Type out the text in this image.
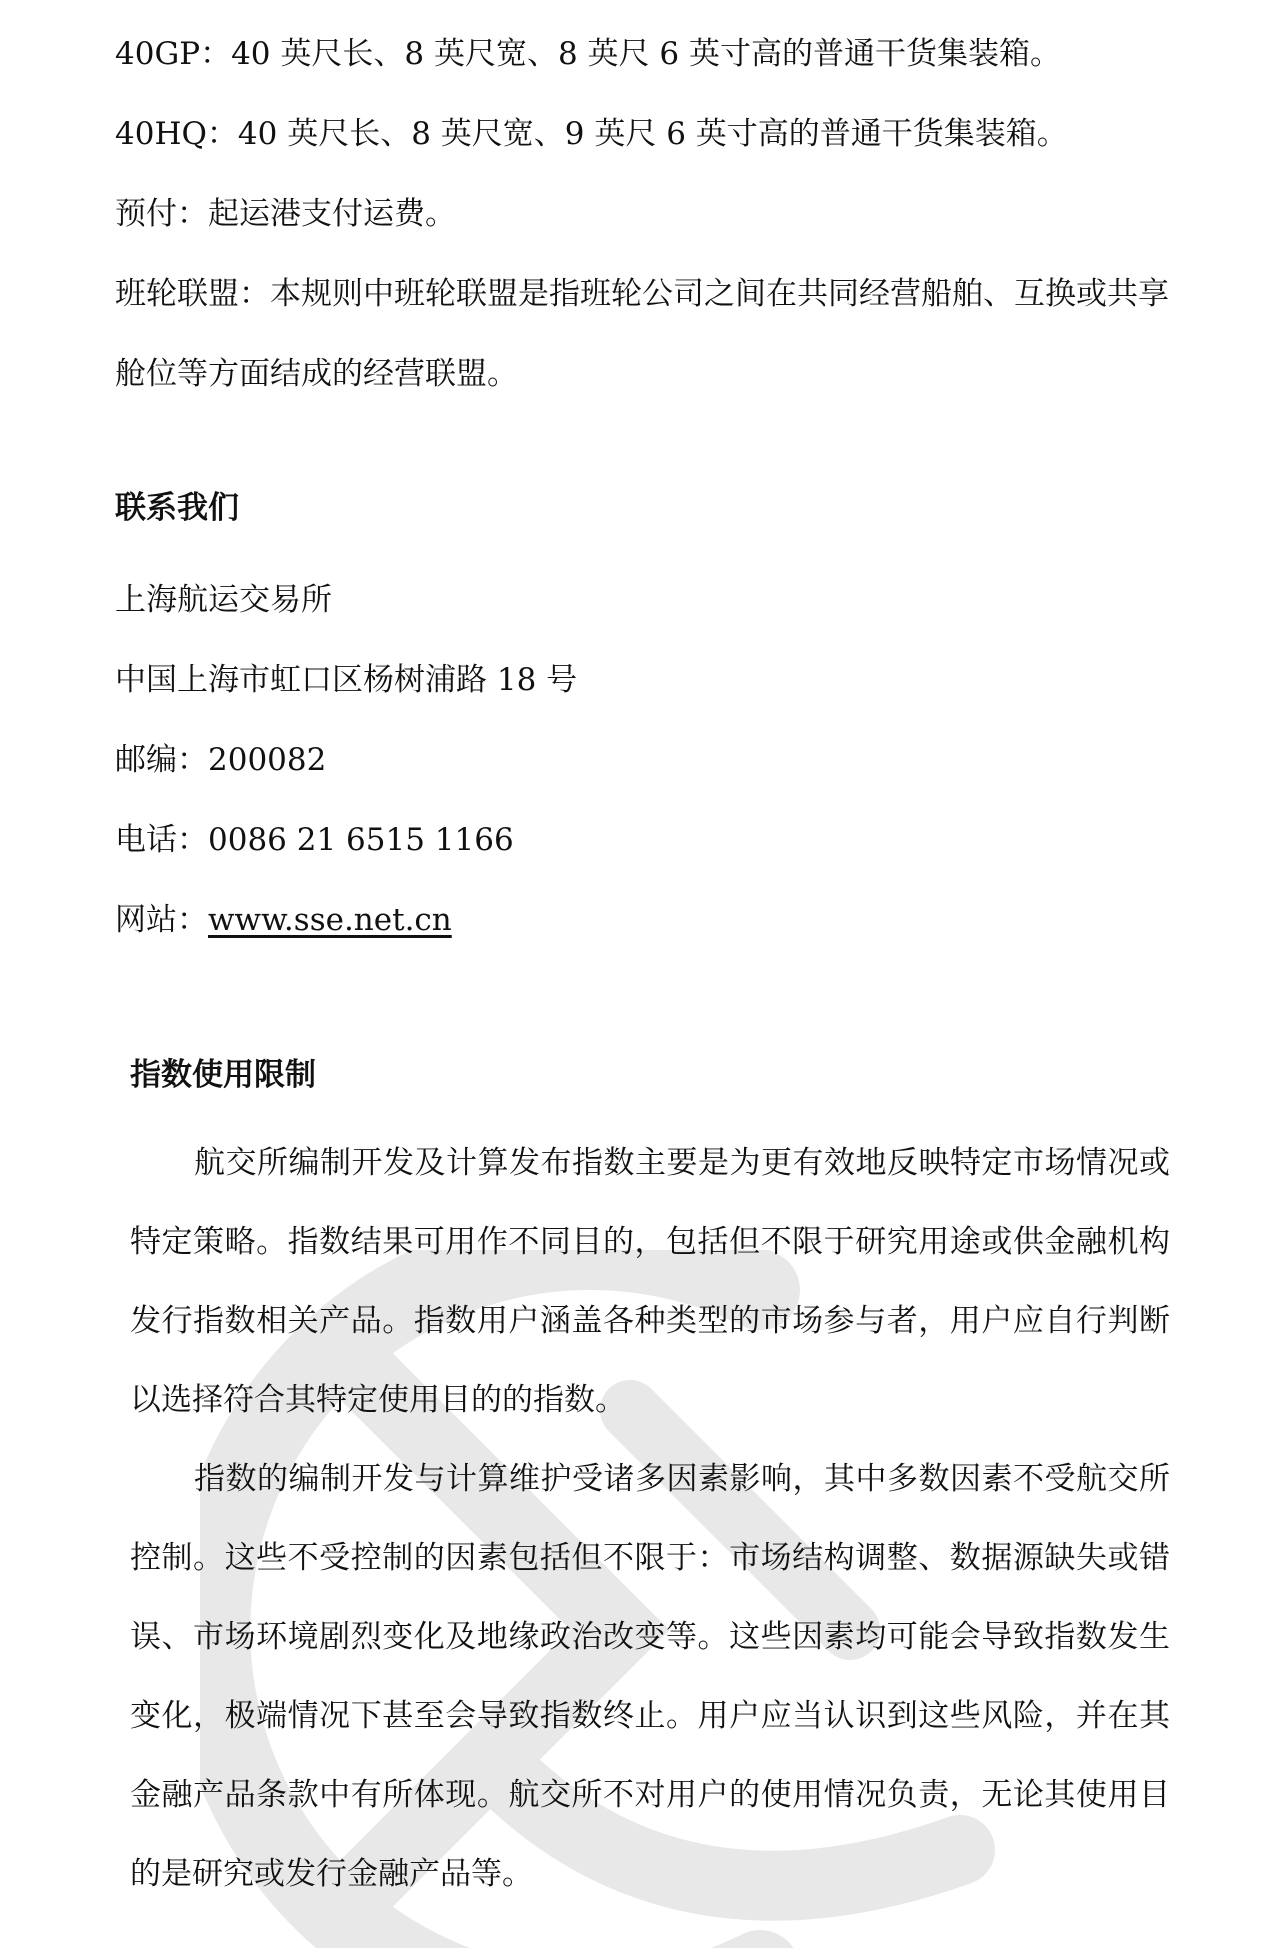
40GP：40 英尺长、8 英尺宽、8 英尺 6 英寸高的普通干货集装箱。

40HQ：40 英尺长、8 英尺宽、9 英尺 6 英寸高的普通干货集装箱。

预付：起运港支付运费。

班轮联盟：本规则中班轮联盟是指班轮公司之间在共同经营船舶、互换或共享舱位等方面结成的经营联盟。

联系我们

上海航运交易所

中国上海市虹口区杨树浦路 18 号

邮编：200082

电话：0086 21 6515 1166

网站：www.sse.net.cn

指数使用限制

航交所编制开发及计算发布指数主要是为更有效地反映特定市场情况或特定策略。指数结果可用作不同目的，包括但不限于研究用途或供金融机构发行指数相关产品。指数用户涵盖各种类型的市场参与者，用户应自行判断以选择符合其特定使用目的的指数。

指数的编制开发与计算维护受诸多因素影响，其中多数因素不受航交所控制。这些不受控制的因素包括但不限于：市场结构调整、数据源缺失或错误、市场环境剧烈变化及地缘政治改变等。这些因素均可能会导致指数发生变化，极端情况下甚至会导致指数终止。用户应当认识到这些风险，并在其金融产品条款中有所体现。航交所不对用户的使用情况负责，无论其使用目的是研究或发行金融产品等。
